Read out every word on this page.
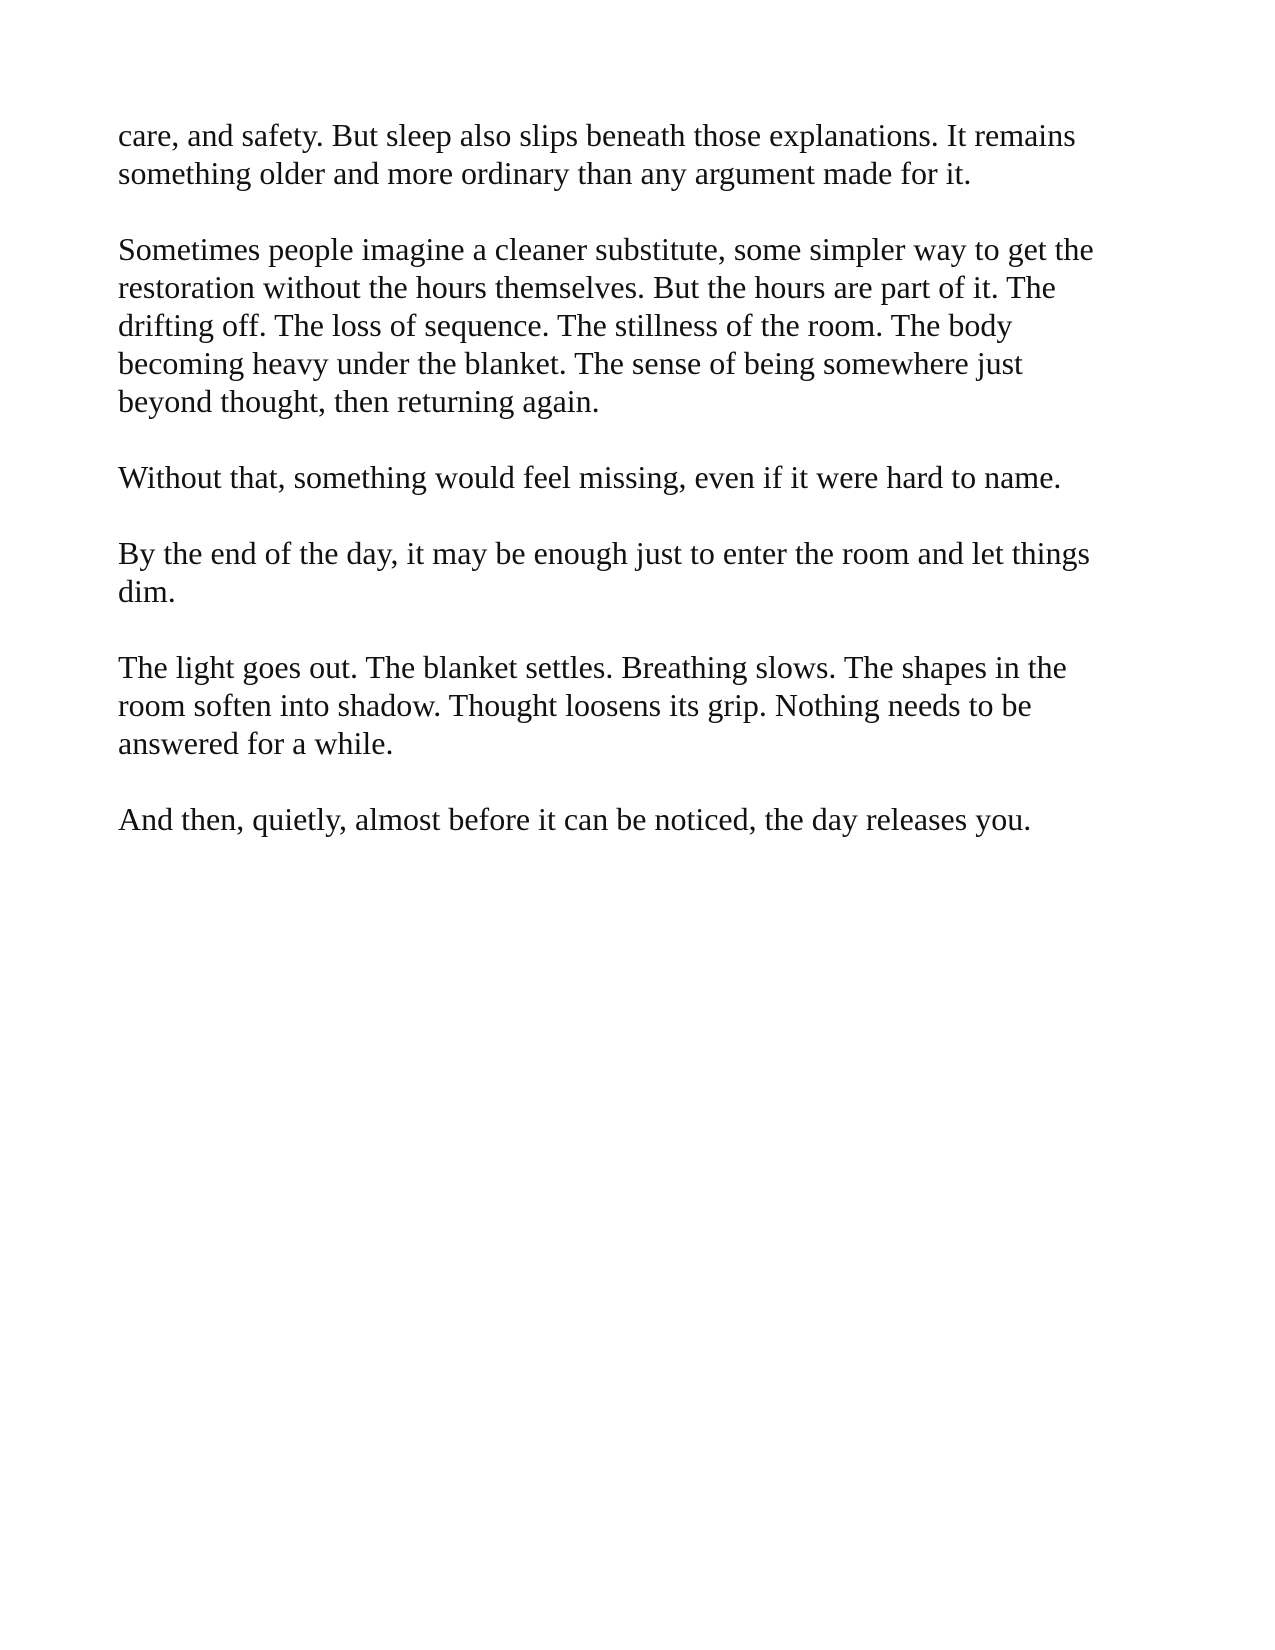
care, and safety. But sleep also slips beneath those explanations. It remains
something older and more ordinary than any argument made for it.

Sometimes people imagine a cleaner substitute, some simpler way to get the
restoration without the hours themselves. But the hours are part of it. The
drifting off. The loss of sequence. The stillness of the room. The body
becoming heavy under the blanket. The sense of being somewhere just
beyond thought, then returning again.

Without that, something would feel missing, even if it were hard to name.

By the end of the day, it may be enough just to enter the room and let things
dim.

The light goes out. The blanket settles. Breathing slows. The shapes in the
room soften into shadow. Thought loosens its grip. Nothing needs to be
answered for a while.

And then, quietly, almost before it can be noticed, the day releases you.
